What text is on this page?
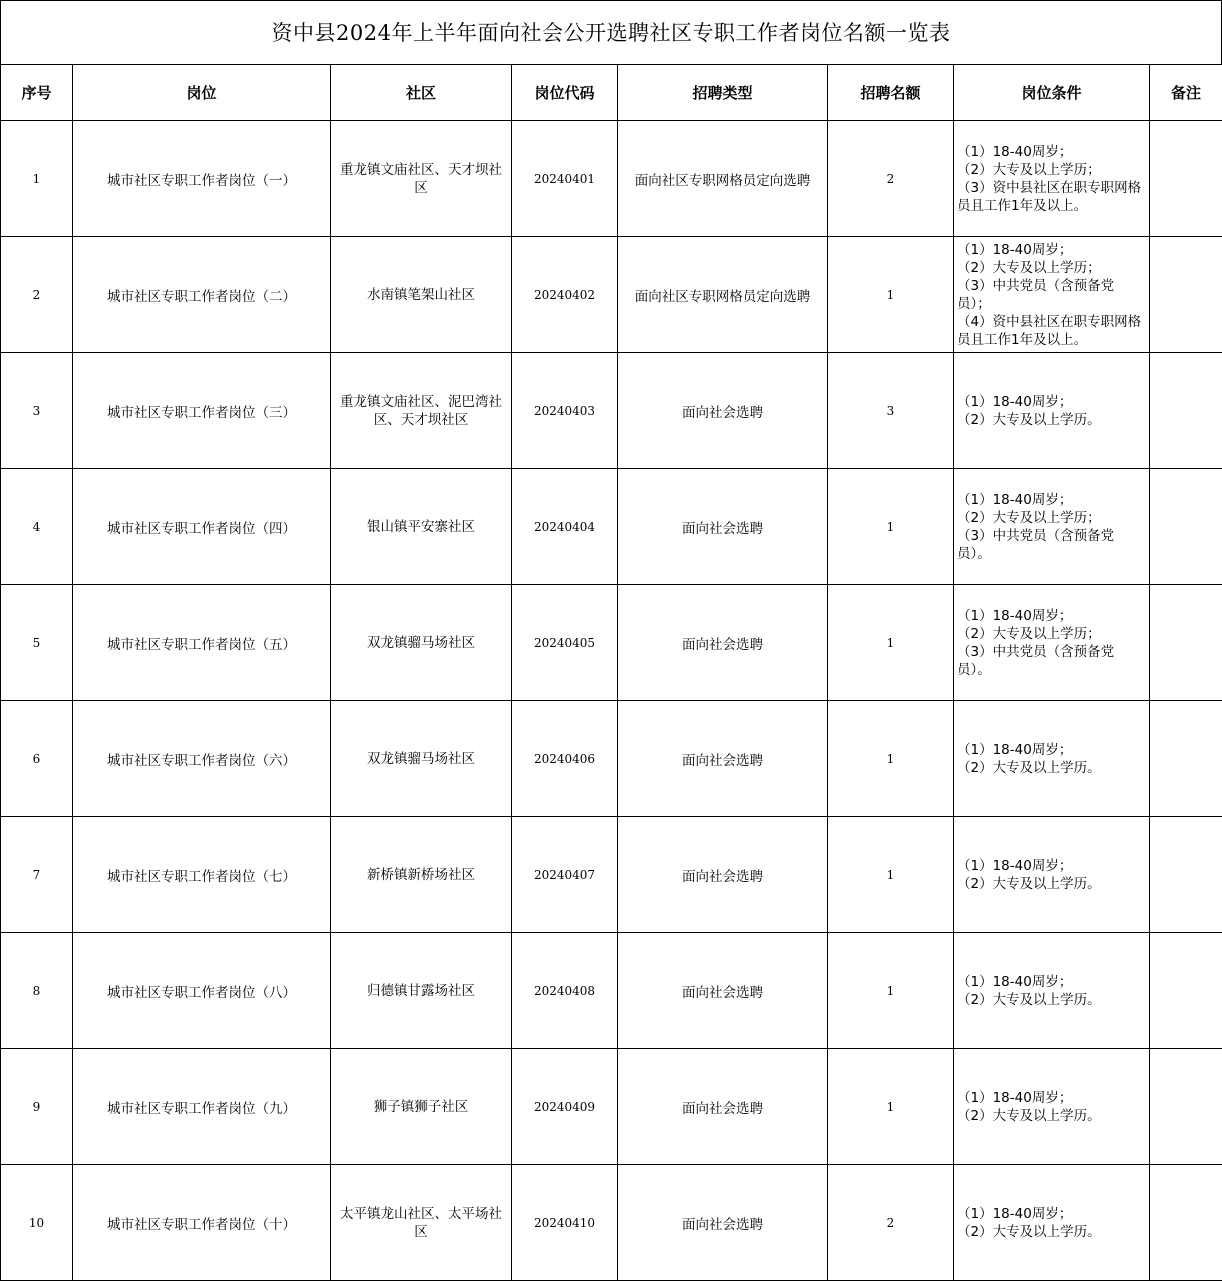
资中县2024年上半年面向社会公开选聘社区专职工作者岗位名额一览表
序号	岗位	社区	岗位代码	招聘类型	招聘名额	岗位条件	备注
1	城市社区专职工作者岗位（一）	重龙镇文庙社区、天才坝社区	20240401	面向社区专职网格员定向选聘	2	（1）18-40周岁；
（2）大专及以上学历；
（3）资中县社区在职专职网格员且工作1年及以上。	

2	城市社区专职工作者岗位（二）	水南镇笔架山社区	20240402	面向社区专职网格员定向选聘	1	（1）18-40周岁；
（2）大专及以上学历；
（3）中共党员（含预备党员）；
（4）资中县社区在职专职网格员且工作1年及以上。	

3	城市社区专职工作者岗位（三）	重龙镇文庙社区、泥巴湾社区、天才坝社区	20240403	面向社会选聘	3	（1）18-40周岁；
（2）大专及以上学历。	

4	城市社区专职工作者岗位（四）	银山镇平安寨社区	20240404	面向社会选聘	1	（1）18-40周岁；
（2）大专及以上学历；
（3）中共党员（含预备党员）。	

5	城市社区专职工作者岗位（五）	双龙镇骝马场社区	20240405	面向社会选聘	1	（1）18-40周岁；
（2）大专及以上学历；
（3）中共党员（含预备党员）。	

6	城市社区专职工作者岗位（六）	双龙镇骝马场社区	20240406	面向社会选聘	1	（1）18-40周岁；
（2）大专及以上学历。	

7	城市社区专职工作者岗位（七）	新桥镇新桥场社区	20240407	面向社会选聘	1	（1）18-40周岁；
（2）大专及以上学历。	

8	城市社区专职工作者岗位（八）	归德镇甘露场社区	20240408	面向社会选聘	1	（1）18-40周岁；
（2）大专及以上学历。	

9	城市社区专职工作者岗位（九）	狮子镇狮子社区	20240409	面向社会选聘	1	（1）18-40周岁；
（2）大专及以上学历。	

10	城市社区专职工作者岗位（十）	太平镇龙山社区、太平场社区	20240410	面向社会选聘	2	（1）18-40周岁；
（2）大专及以上学历。	
